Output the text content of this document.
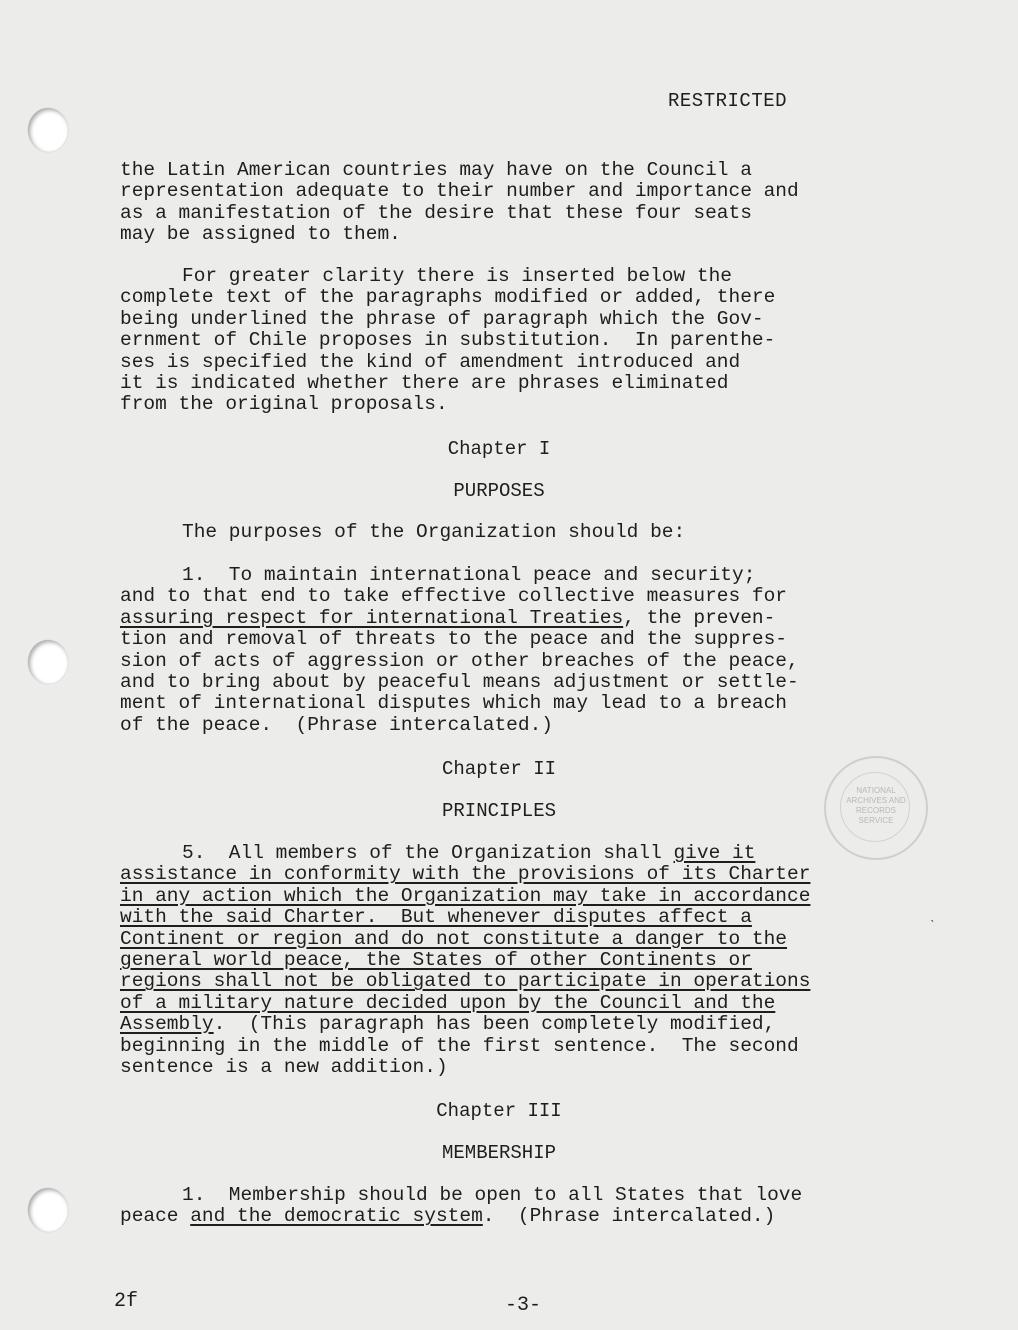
RESTRICTED
the Latin American countries may have on the Council a
representation adequate to their number and importance and
as a manifestation of the desire that these four seats
may be assigned to them.
For greater clarity there is inserted below the
complete text of the paragraphs modified or added, there
being underlined the phrase of paragraph which the Gov-
ernment of Chile proposes in substitution.  In parenthe-
ses is specified the kind of amendment introduced and
it is indicated whether there are phrases eliminated
from the original proposals.
Chapter I
PURPOSES
The purposes of the Organization should be:
1.  To maintain international peace and security;
and to that end to take effective collective measures for
assuring respect for international Treaties, the preven-
tion and removal of threats to the peace and the suppres-
sion of acts of aggression or other breaches of the peace,
and to bring about by peaceful means adjustment or settle-
ment of international disputes which may lead to a breach
of the peace.  (Phrase intercalated.)
Chapter II
PRINCIPLES
5.  All members of the Organization shall give it
assistance in conformity with the provisions of its Charter
in any action which the Organization may take in accordance
with the said Charter.  But whenever disputes affect a
Continent or region and do not constitute a danger to the
general world peace, the States of other Continents or
regions shall not be obligated to participate in operations
of a military nature decided upon by the Council and the
Assembly.  (This paragraph has been completely modified,
beginning in the middle of the first sentence.  The second
sentence is a new addition.)
Chapter III
MEMBERSHIP
1.  Membership should be open to all States that love
peace and the democratic system.  (Phrase intercalated.)
NATIONAL
ARCHIVES AND
RECORDS
SERVICE
ˎ
2f	-3-
